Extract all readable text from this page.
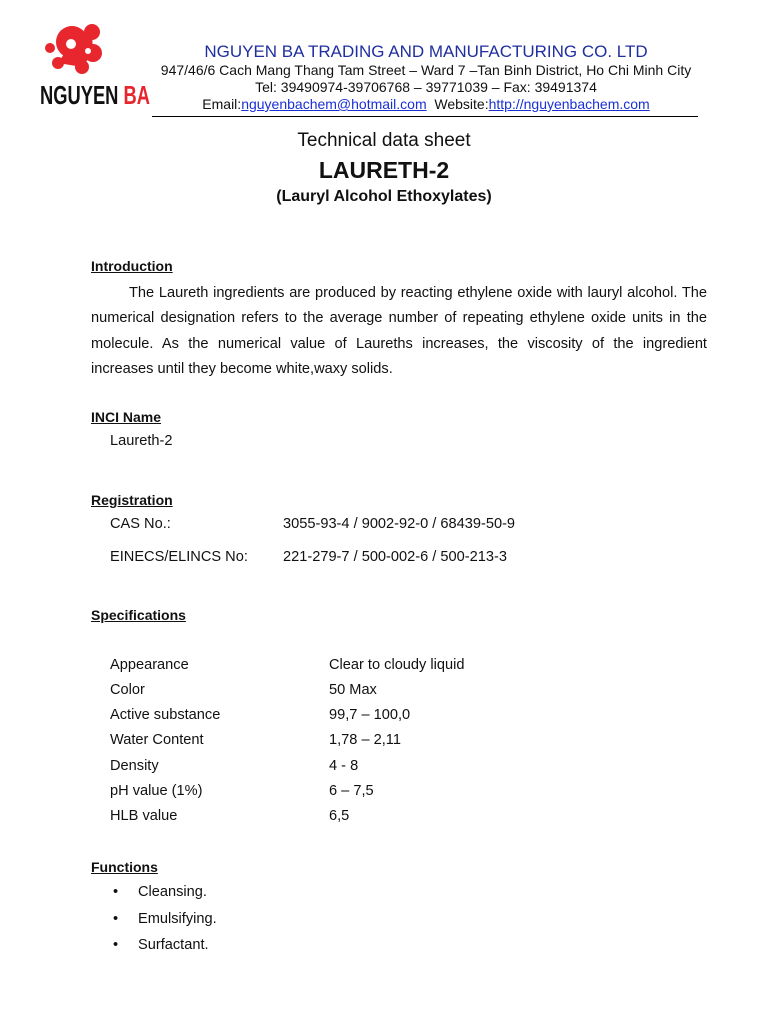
NGUYEN B
NGUYEN BA TRADING AND MANUFACTURING CO. LTD
947/46/6 Cach Mang Thang Tam Street – Ward 7 –Tan Binh District, Ho Chi Minh City
Tel: 39490974-39706768 – 39771039 – Fax: 39491374
Email:nguyenbachem@hotmail.com Website:http://nguyenbachem.com
Technical data sheet
LAURETH-2
(Lauryl Alcohol Ethoxylates)
Introduction
The Laureth ingredients are produced by reacting ethylene oxide with lauryl alcohol. The numerical designation refers to the average number of repeating ethylene oxide units in the molecule. As the numerical value of Laureths increases, the viscosity of the ingredient increases until they become white,waxy solids.
INCI Name
Laureth-2
Registration
CAS No.:	3055-93-4 / 9002-92-0 / 68439-50-9
EINECS/ELINCS No: 221-279-7 / 500-002-6 / 500-213-3
Specifications
Appearance	Clear to cloudy liquid
Color	50 Max
Active substance	99,7 – 100,0
Water Content	1,78 – 2,11
Density	4 - 8
pH value (1%)	6 – 7,5
HLB value	6,5
Functions
• Cleansing.
• Emulsifying.
• Surfactant.
